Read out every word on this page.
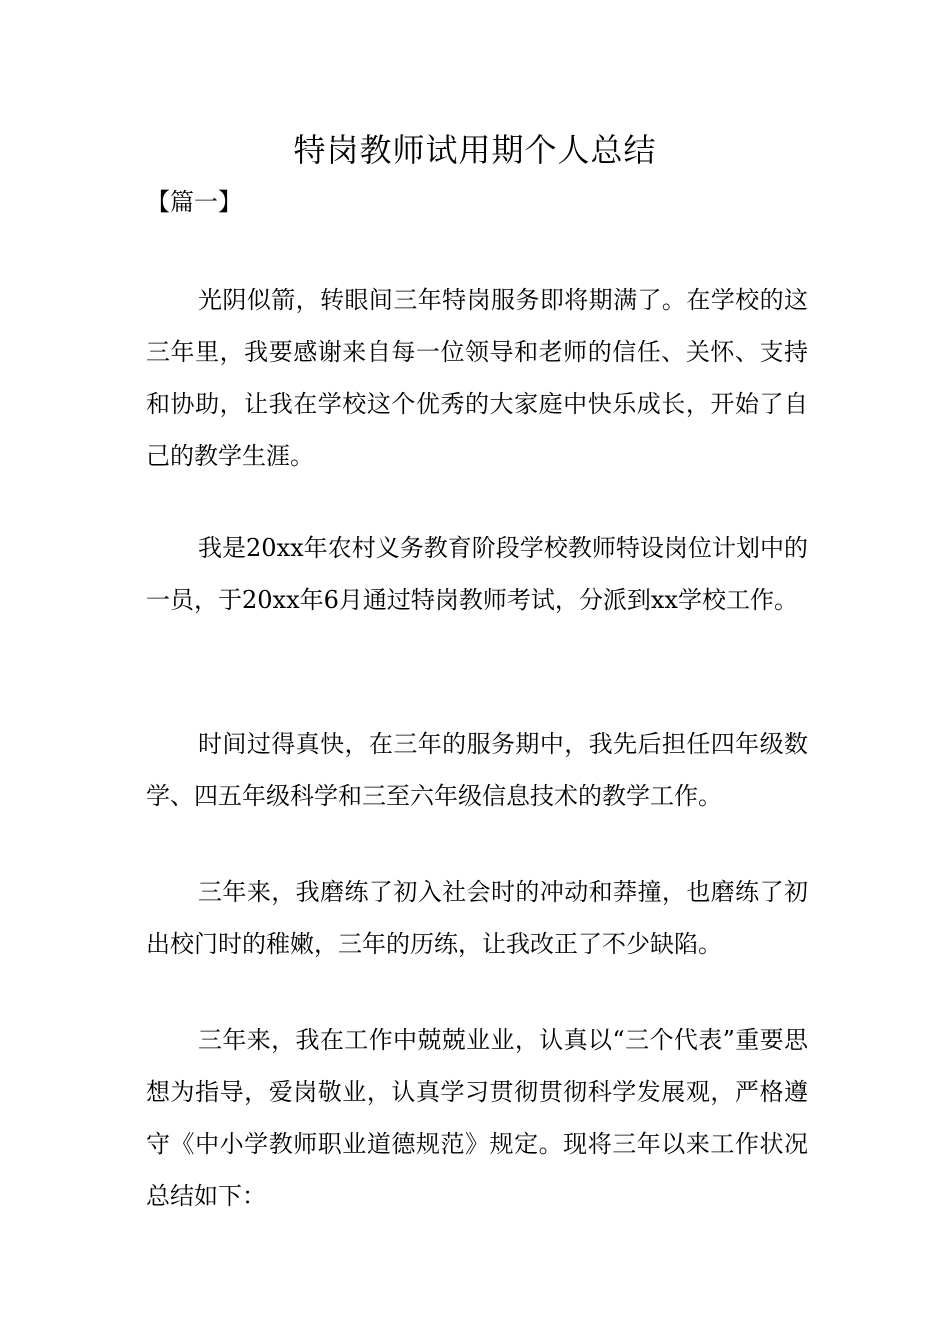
特岗教师试用期个人总结
【篇一】

光阴似箭，转眼间三年特岗服务即将期满了。在学校的这三年里，我要感谢来自每一位领导和老师的信任、关怀、支持和协助，让我在学校这个优秀的大家庭中快乐成长，开始了自己的教学生涯。

我是20xx年农村义务教育阶段学校教师特设岗位计划中的一员，于20xx年6月通过特岗教师考试，分派到xx学校工作。

时间过得真快，在三年的服务期中，我先后担任四年级数学、四五年级科学和三至六年级信息技术的教学工作。

三年来，我磨练了初入社会时的冲动和莽撞，也磨练了初出校门时的稚嫩，三年的历练，让我改正了不少缺陷。

三年来，我在工作中兢兢业业，认真以“三个代表”重要思想为指导，爱岗敬业，认真学习贯彻贯彻科学发展观，严格遵守《中小学教师职业道德规范》规定。现将三年以来工作状况总结如下：
